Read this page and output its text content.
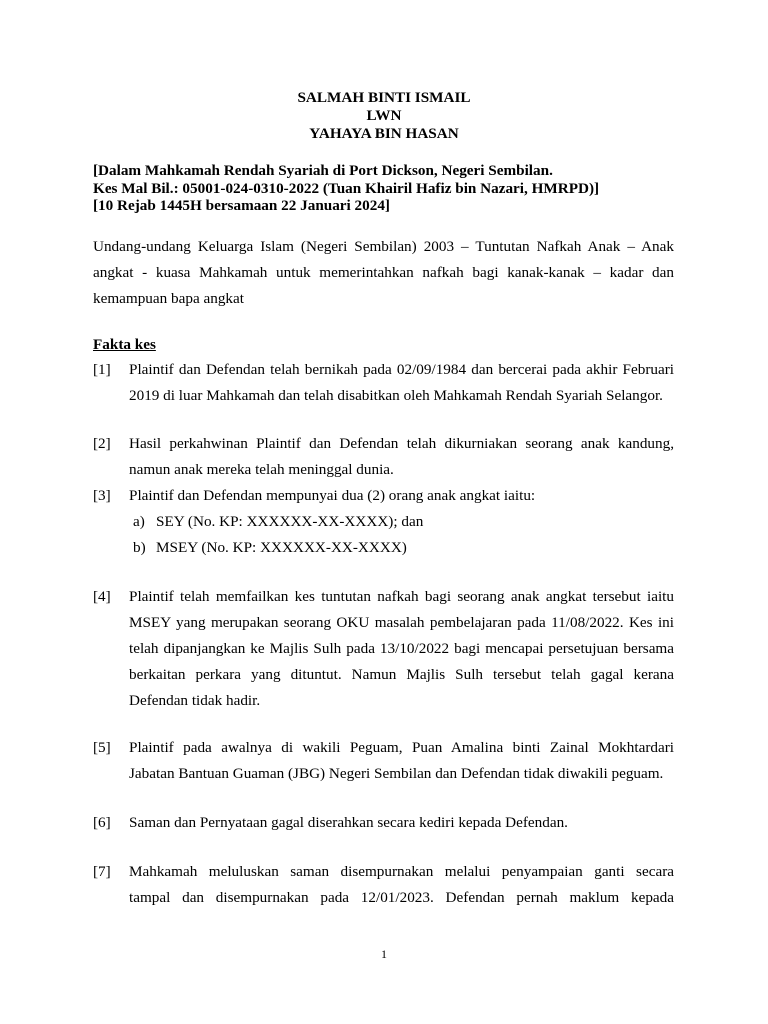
SALMAH BINTI ISMAIL
LWN
YAHAYA BIN HASAN
[Dalam Mahkamah Rendah Syariah di Port Dickson, Negeri Sembilan.
Kes Mal Bil.: 05001-024-0310-2022 (Tuan Khairil Hafiz bin Nazari, HMRPD)]
[10 Rejab 1445H bersamaan 22 Januari 2024]
Undang-undang Keluarga Islam (Negeri Sembilan) 2003 – Tuntutan Nafkah Anak – Anak
angkat - kuasa Mahkamah untuk memerintahkan nafkah bagi kanak-kanak – kadar dan
kemampuan bapa angkat
Fakta kes
[1] Plaintif dan Defendan telah bernikah pada 02/09/1984 dan bercerai pada akhir Februari
2019 di luar Mahkamah dan telah disabitkan oleh Mahkamah Rendah Syariah Selangor.
[2] Hasil perkahwinan Plaintif dan Defendan telah dikurniakan seorang anak kandung,
namun anak mereka telah meninggal dunia.
[3] Plaintif dan Defendan mempunyai dua (2) orang anak angkat iaitu:
a) SEY (No. KP: XXXXXX-XX-XXXX); dan
b) MSEY (No. KP: XXXXXX-XX-XXXX)
[4] Plaintif telah memfailkan kes tuntutan nafkah bagi seorang anak angkat tersebut iaitu
MSEY yang merupakan seorang OKU masalah pembelajaran pada 11/08/2022. Kes ini
telah dipanjangkan ke Majlis Sulh pada 13/10/2022 bagi mencapai persetujuan bersama
berkaitan perkara yang dituntut. Namun Majlis Sulh tersebut telah gagal kerana
Defendan tidak hadir.
[5] Plaintif pada awalnya di wakili Peguam, Puan Amalina binti Zainal Mokhtardari
Jabatan Bantuan Guaman (JBG) Negeri Sembilan dan Defendan tidak diwakili peguam.
[6] Saman dan Pernyataan gagal diserahkan secara kediri kepada Defendan.
[7] Mahkamah meluluskan saman disempurnakan melalui penyampaian ganti secara
tampal dan disempurnakan pada 12/01/2023. Defendan pernah maklum kepada
1
